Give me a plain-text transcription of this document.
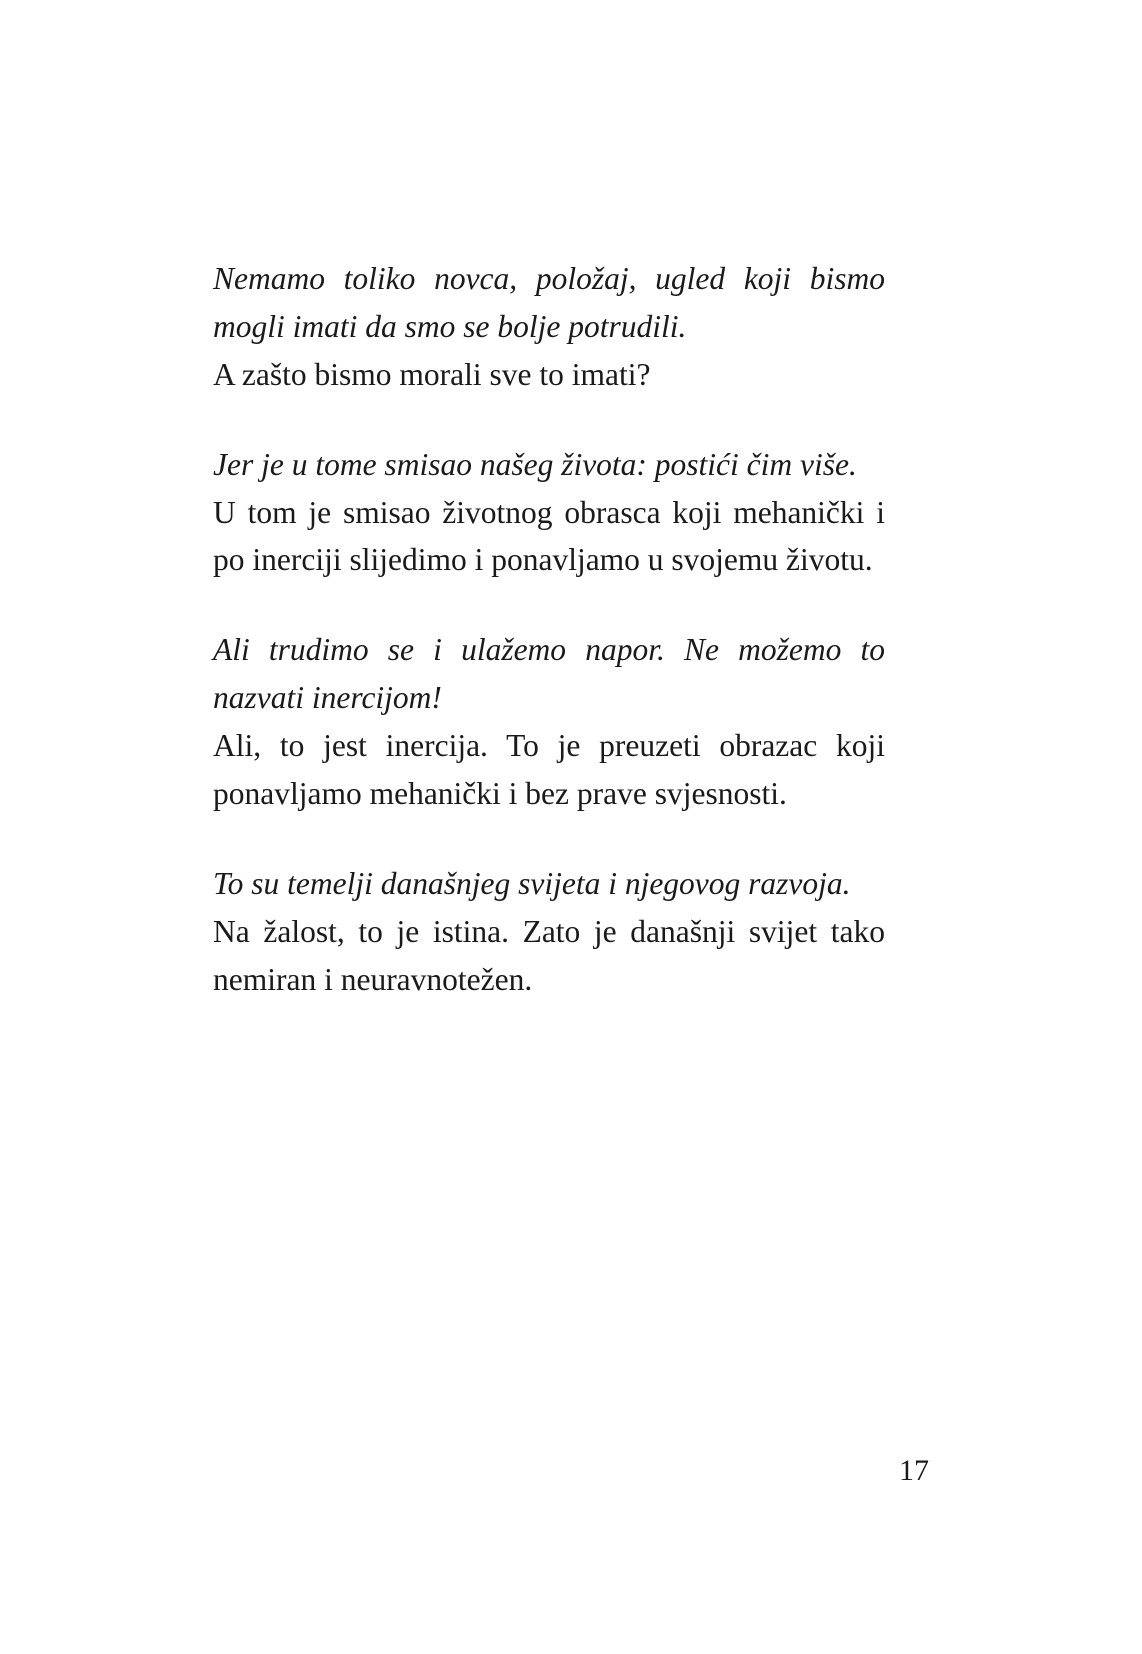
Nemamo toliko novca, položaj, ugled koji bismo mogli imati da smo se bolje potrudili.

A zašto bismo morali sve to imati?

Jer je u tome smisao našeg života: postići čim više.

U tom je smisao životnog obrasca koji mehanički i po inerciji slijedimo i ponavljamo u svojemu životu.

Ali trudimo se i ulažemo napor. Ne možemo to nazvati inercijom!

Ali, to jest inercija. To je preuzeti obrazac koji ponavljamo mehanički i bez prave svjesnosti.

To su temelji današnjeg svijeta i njegovog razvoja.

Na žalost, to je istina. Zato je današnji svijet tako nemiran i neuravnotežen.

17
